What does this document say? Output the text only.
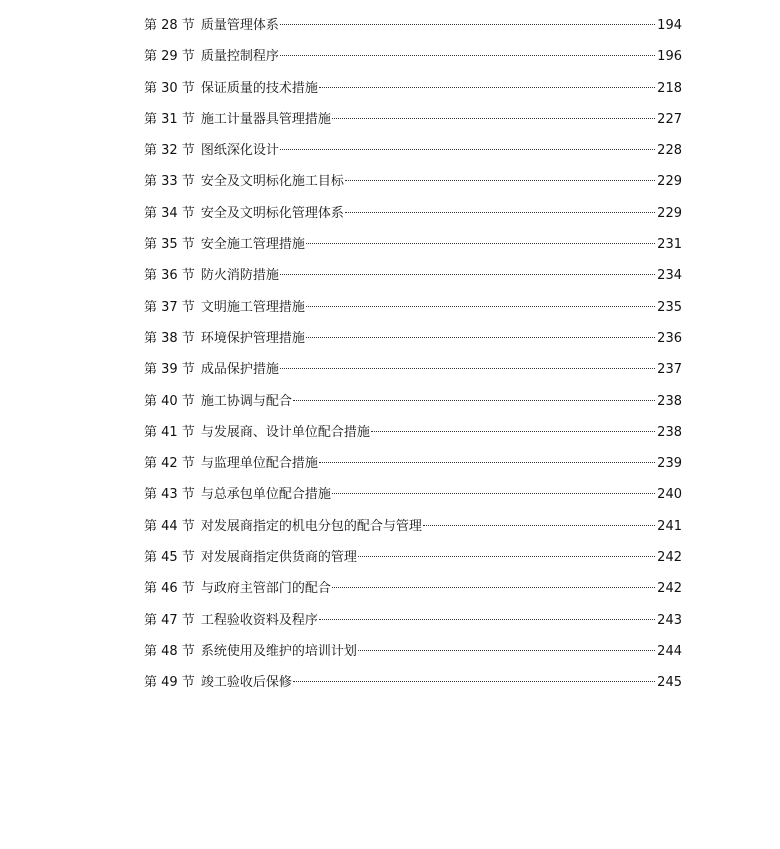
第 28 节 质量管理体系	194
第 29 节 质量控制程序	196
第 30 节 保证质量的技术措施	218
第 31 节 施工计量器具管理措施	227
第 32 节 图纸深化设计	228
第 33 节 安全及文明标化施工目标	229
第 34 节 安全及文明标化管理体系	229
第 35 节 安全施工管理措施	231
第 36 节 防火消防措施	234
第 37 节 文明施工管理措施	235
第 38 节 环境保护管理措施	236
第 39 节 成品保护措施	237
第 40 节 施工协调与配合	238
第 41 节 与发展商、设计单位配合措施	238
第 42 节 与监理单位配合措施	239
第 43 节 与总承包单位配合措施	240
第 44 节 对发展商指定的机电分包的配合与管理	241
第 45 节 对发展商指定供货商的管理	242
第 46 节 与政府主管部门的配合	242
第 47 节 工程验收资料及程序	243
第 48 节 系统使用及维护的培训计划	244
第 49 节 竣工验收后保修	245
